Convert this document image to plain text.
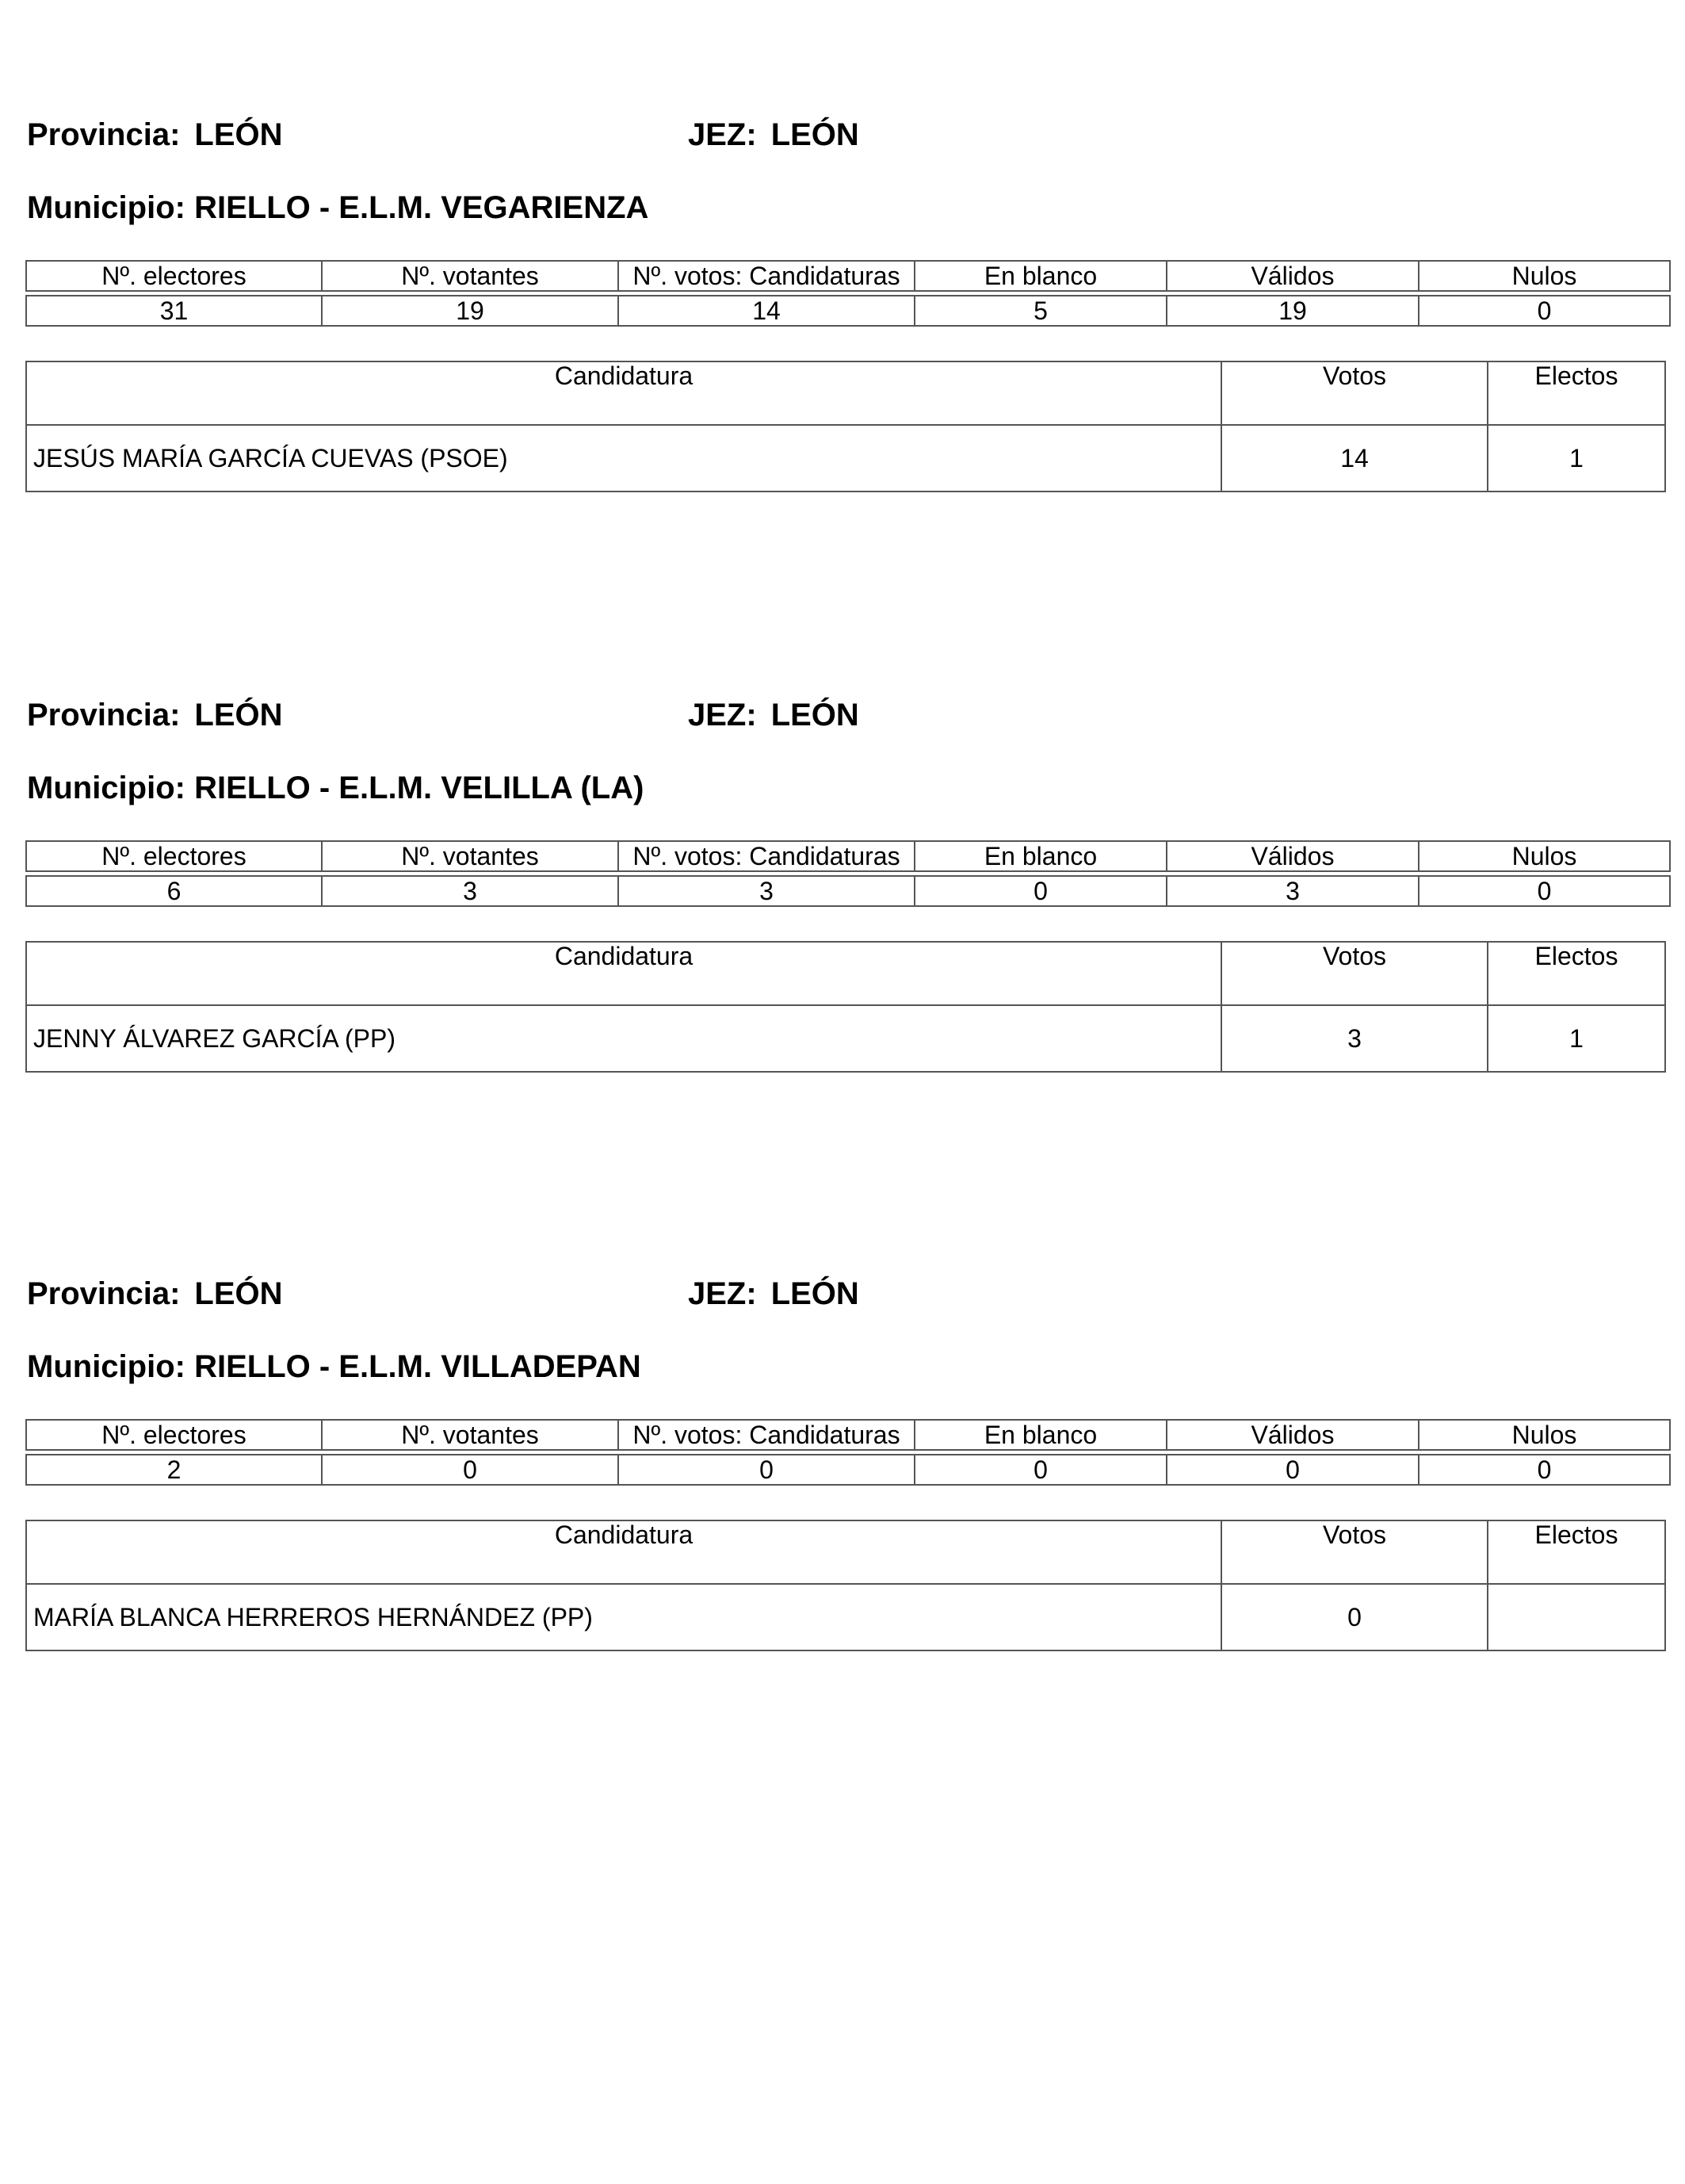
Provincia: LEÓN	JEZ: LEÓN
Municipio: RIELLO - E.L.M. VEGARIENZA
Nº. electores	Nº. votantes	Nº. votos: Candidaturas	En blanco	Válidos	Nulos
31	19	14	5	19	0
Candidatura	Votos	Electos
JESÚS MARÍA GARCÍA CUEVAS (PSOE)	14	1
Provincia: LEÓN	JEZ: LEÓN
Municipio: RIELLO - E.L.M. VELILLA (LA)
Nº. electores	Nº. votantes	Nº. votos: Candidaturas	En blanco	Válidos	Nulos
6	3	3	0	3	0
Candidatura	Votos	Electos
JENNY ÁLVAREZ GARCÍA (PP)	3	1
Provincia: LEÓN	JEZ: LEÓN
Municipio: RIELLO - E.L.M. VILLADEPAN
Nº. electores	Nº. votantes	Nº. votos: Candidaturas	En blanco	Válidos	Nulos
2	0	0	0	0	0
Candidatura	Votos	Electos
MARÍA BLANCA HERREROS HERNÁNDEZ (PP)	0	
